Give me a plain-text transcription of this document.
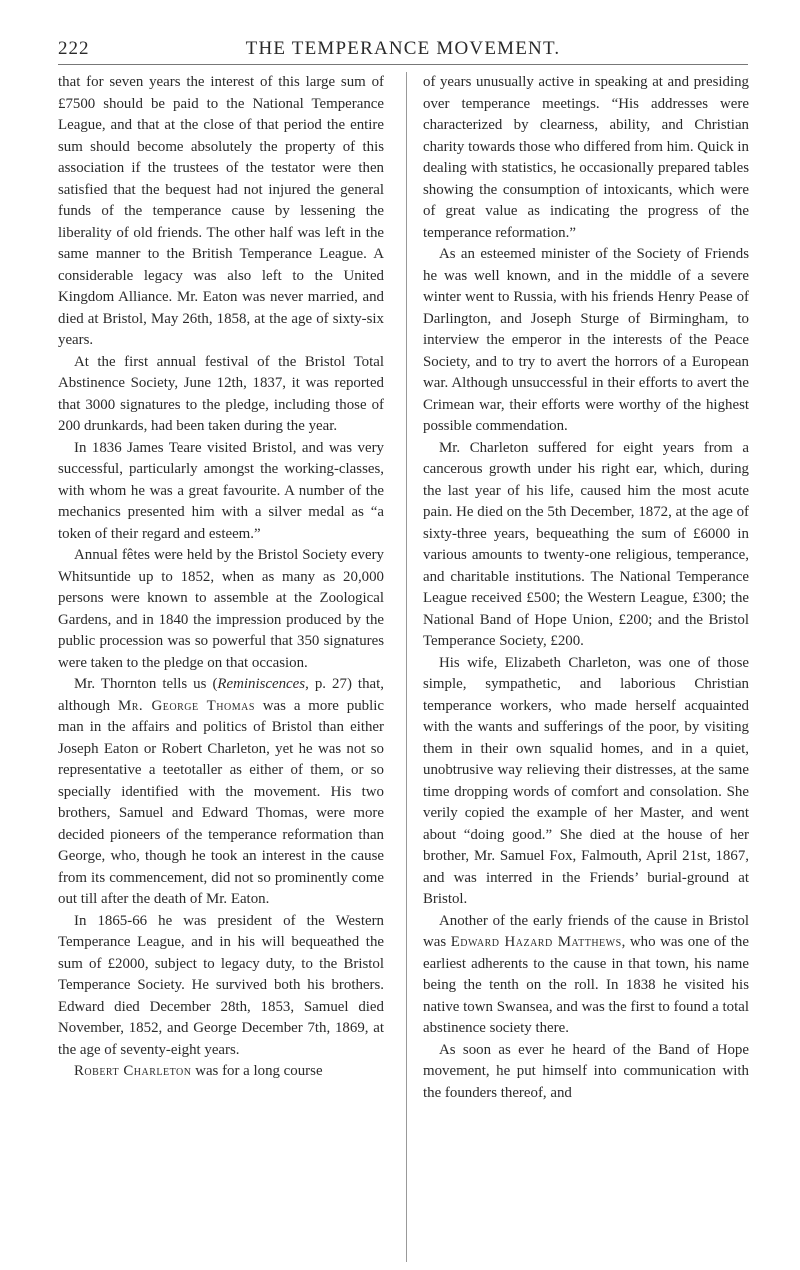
222	THE TEMPERANCE MOVEMENT.

that for seven years the interest of this large sum of £7500 should be paid to the National Temperance League, and that at the close of that period the entire sum should become absolutely the property of this association if the trustees of the testator were then satisfied that the bequest had not injured the general funds of the temperance cause by lessening the liberality of old friends. The other half was left in the same manner to the British Temperance League. A considerable legacy was also left to the United Kingdom Alliance. Mr. Eaton was never married, and died at Bristol, May 26th, 1858, at the age of sixty-six years.

At the first annual festival of the Bristol Total Abstinence Society, June 12th, 1837, it was reported that 3000 signatures to the pledge, including those of 200 drunkards, had been taken during the year.

In 1836 James Teare visited Bristol, and was very successful, particularly amongst the working-classes, with whom he was a great favourite. A number of the mechanics presented him with a silver medal as “a token of their regard and esteem.”

Annual fêtes were held by the Bristol Society every Whitsuntide up to 1852, when as many as 20,000 persons were known to assemble at the Zoological Gardens, and in 1840 the impression produced by the public procession was so powerful that 350 signatures were taken to the pledge on that occasion.

Mr. Thornton tells us (Reminiscences, p. 27) that, although Mr. George Thomas was a more public man in the affairs and politics of Bristol than either Joseph Eaton or Robert Charleton, yet he was not so representative a teetotaller as either of them, or so specially identified with the movement. His two brothers, Samuel and Edward Thomas, were more decided pioneers of the temperance reformation than George, who, though he took an interest in the cause from its commencement, did not so prominently come out till after the death of Mr. Eaton.

In 1865-66 he was president of the Western Temperance League, and in his will bequeathed the sum of £2000, subject to legacy duty, to the Bristol Temperance Society. He survived both his brothers. Edward died December 28th, 1853, Samuel died November, 1852, and George December 7th, 1869, at the age of seventy-eight years.

Robert Charleton was for a long course

of years unusually active in speaking at and presiding over temperance meetings. “His addresses were characterized by clearness, ability, and Christian charity towards those who differed from him. Quick in dealing with statistics, he occasionally prepared tables showing the consumption of intoxicants, which were of great value as indicating the progress of the temperance reformation.”

As an esteemed minister of the Society of Friends he was well known, and in the middle of a severe winter went to Russia, with his friends Henry Pease of Darlington, and Joseph Sturge of Birmingham, to interview the emperor in the interests of the Peace Society, and to try to avert the horrors of a European war. Although unsuccessful in their efforts to avert the Crimean war, their efforts were worthy of the highest possible commendation.

Mr. Charleton suffered for eight years from a cancerous growth under his right ear, which, during the last year of his life, caused him the most acute pain. He died on the 5th December, 1872, at the age of sixty-three years, bequeathing the sum of £6000 in various amounts to twenty-one religious, temperance, and charitable institutions. The National Temperance League received £500; the Western League, £300; the National Band of Hope Union, £200; and the Bristol Temperance Society, £200.

His wife, Elizabeth Charleton, was one of those simple, sympathetic, and laborious Christian temperance workers, who made herself acquainted with the wants and sufferings of the poor, by visiting them in their own squalid homes, and in a quiet, unobtrusive way relieving their distresses, at the same time dropping words of comfort and consolation. She verily copied the example of her Master, and went about “doing good.” She died at the house of her brother, Mr. Samuel Fox, Falmouth, April 21st, 1867, and was interred in the Friends’ burial-ground at Bristol.

Another of the early friends of the cause in Bristol was Edward Hazard Matthews, who was one of the earliest adherents to the cause in that town, his name being the tenth on the roll. In 1838 he visited his native town Swansea, and was the first to found a total abstinence society there.

As soon as ever he heard of the Band of Hope movement, he put himself into communication with the founders thereof, and
